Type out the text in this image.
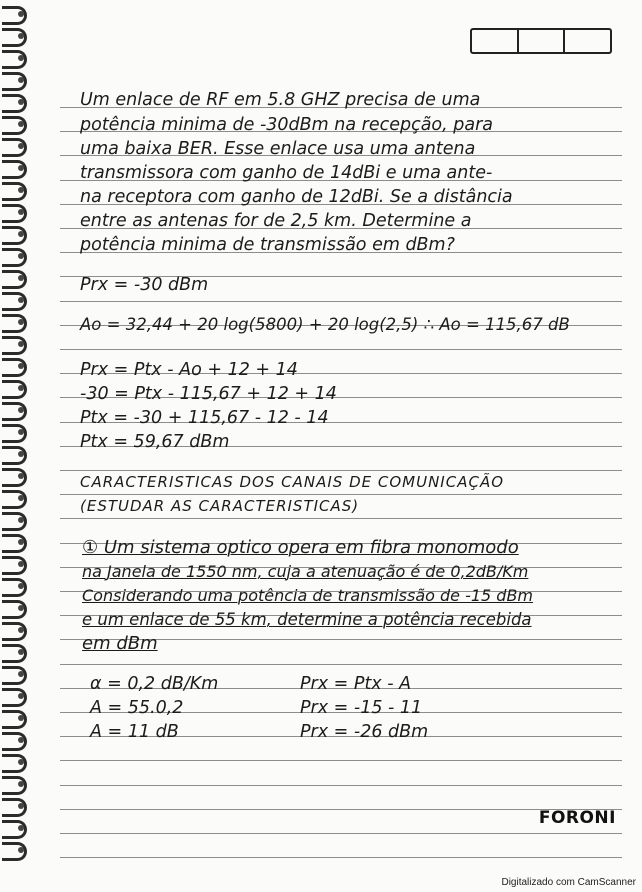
Um enlace de RF em 5.8 GHZ precisa de uma
potência minima de -30dBm na recepção, para
uma baixa BER. Esse enlace usa uma antena
transmissora com ganho de 14dBi e uma ante-
na receptora com ganho de 12dBi. Se a distância
entre as antenas for de 2,5 km. Determine a
potência minima de transmissão em dBm?
Prx = -30 dBm
Ao = 32,44 + 20 log(5800) + 20 log(2,5) ∴ Ao = 115,67 dB
Prx = Ptx - Ao + 12 + 14
-30 = Ptx - 115,67 + 12 + 14
Ptx = -30 + 115,67 - 12 - 14
Ptx = 59,67 dBm
CARACTERISTICAS DOS CANAIS DE COMUNICAÇÃO
(ESTUDAR AS CARACTERISTICAS)
① Um sistema optico opera em fibra monomodo
na Janela de 1550 nm, cuja a atenuação é de 0,2dB/Km
Considerando uma potência de transmissão de -15 dBm
e um enlace de 55 km, determine a potência recebida
em dBm
α = 0,2 dB/Km
A = 55.0,2
A = 11 dB
Prx = Ptx - A
Prx = -15 - 11
Prx = -26 dBm
FORONI
Digitalizado com CamScanner
